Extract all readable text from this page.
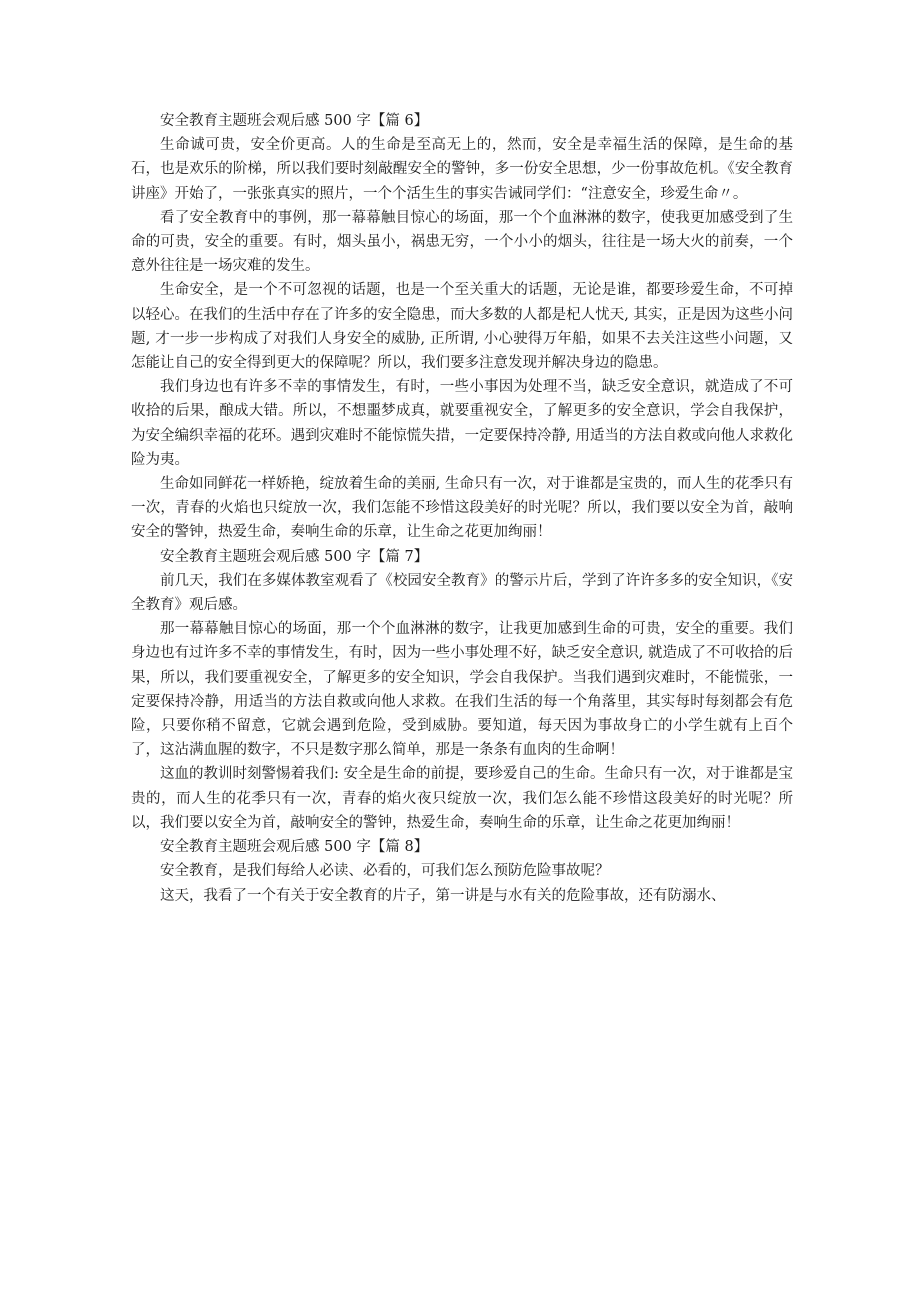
安全教育主题班会观后感 500 字【篇 6】

生命诚可贵，安全价更高。人的生命是至高无上的，然而，安全是幸福生活的保障，是生命的基石，也是欢乐的阶梯，所以我们要时刻敲醒安全的警钟，多一份安全思想，少一份事故危机。《安全教育讲座》开始了，一张张真实的照片，一个个活生生的事实告诫同学们：“注意安全，珍爱生命〃。

看了安全教育中的事例，那一幕幕触目惊心的场面，那一个个血淋淋的数字，使我更加感受到了生命的可贵，安全的重要。有时，烟头虽小，祸患无穷，一个小小的烟头，往往是一场大火的前奏，一个意外往往是一场灾难的发生。

生命安全，是一个不可忽视的话题，也是一个至关重大的话题，无论是谁，都要珍爱生命，不可掉以轻心。在我们的生活中存在了许多的安全隐患，而大多数的人都是杞人忧天, 其实，正是因为这些小问题, 才一步一步构成了对我们人身安全的威胁, 正所谓, 小心驶得万年船，如果不去关注这些小问题，又怎能让自己的安全得到更大的保障呢？所以，我们要多注意发现并解决身边的隐患。

我们身边也有许多不幸的事情发生，有时，一些小事因为处理不当，缺乏安全意识，就造成了不可收拾的后果，酿成大错。所以，不想噩梦成真，就要重视安全，了解更多的安全意识，学会自我保护，为安全编织幸福的花环。遇到灾难时不能惊慌失措，一定要保持冷静, 用适当的方法自救或向他人求救化险为夷。

生命如同鲜花一样娇艳，绽放着生命的美丽, 生命只有一次，对于谁都是宝贵的，而人生的花季只有一次，青春的火焰也只绽放一次，我们怎能不珍惜这段美好的时光呢？所以，我们要以安全为首，敲响安全的警钟，热爱生命，奏响生命的乐章，让生命之花更加绚丽！

安全教育主题班会观后感 500 字【篇 7】

前几天，我们在多媒体教室观看了《校园安全教育》的警示片后，学到了许许多多的安全知识，《安全教育》观后感。

那一幕幕触目惊心的场面，那一个个血淋淋的数字，让我更加感到生命的可贵，安全的重要。我们身边也有过许多不幸的事情发生，有时，因为一些小事处理不好，缺乏安全意识, 就造成了不可收拾的后果，所以，我们要重视安全，了解更多的安全知识，学会自我保护。当我们遇到灾难时，不能慌张，一定要保持冷静，用适当的方法自救或向他人求救。在我们生活的每一个角落里，其实每时每刻都会有危险，只要你稍不留意，它就会遇到危险，受到威胁。要知道，每天因为事故身亡的小学生就有上百个了，这沾满血腥的数字，不只是数字那么简单，那是一条条有血肉的生命啊！

这血的教训时刻警惕着我们: 安全是生命的前提，要珍爱自己的生命。生命只有一次，对于谁都是宝贵的，而人生的花季只有一次，青春的焰火夜只绽放一次，我们怎么能不珍惜这段美好的时光呢？所以，我们要以安全为首，敲响安全的警钟，热爱生命，奏响生命的乐章，让生命之花更加绚丽！

安全教育主题班会观后感 500 字【篇 8】

安全教育，是我们每给人必读、必看的，可我们怎么预防危险事故呢？

这天，我看了一个有关于安全教育的片子，第一讲是与水有关的危险事故，还有防溺水、
